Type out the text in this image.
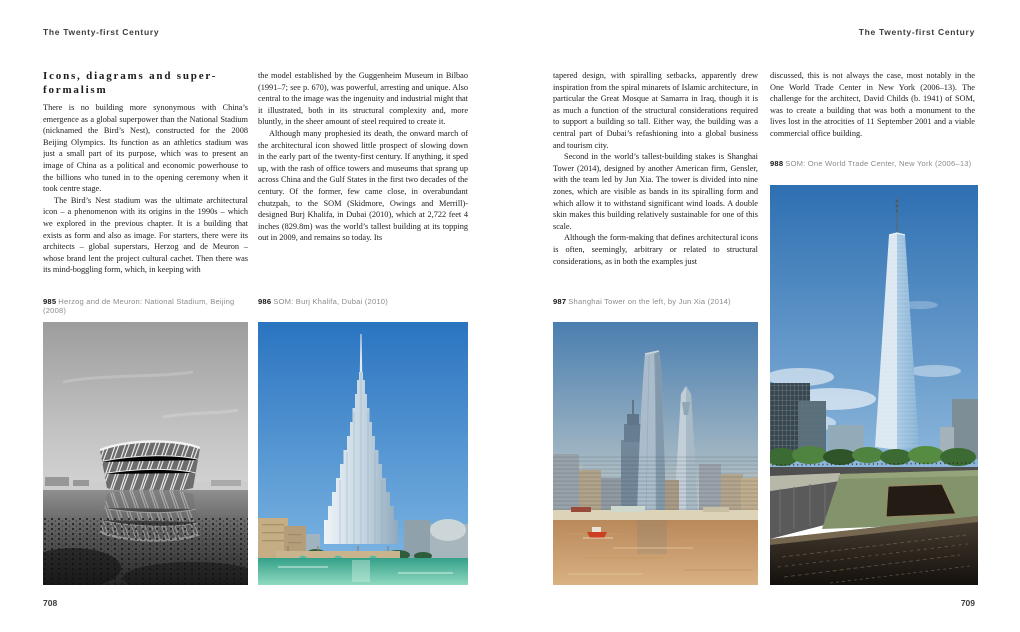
The Twenty-first Century	The Twenty-first Century
Icons, diagrams and super-
formalism

There is no building more synonymous with China’s emergence as a global superpower than the National Stadium (nicknamed the Bird’s Nest), constructed for the 2008 Beijing Olympics. Its function as an athletics stadium was just a small part of its purpose, which was to present an image of China as a political and economic powerhouse to the billions who tuned in to the opening ceremony when it took centre stage.

The Bird’s Nest stadium was the ultimate architectural icon – a phenomenon with its origins in the 1990s – which we explored in the previous chapter. It is a building that exists as form and also as image. For starters, there were its architects – global superstars, Herzog and de Meuron – whose brand lent the project cultural cachet. Then there was its mind-boggling form, which, in keeping with

the model established by the Guggenheim Museum in Bilbao (1991–7; see p. 670), was powerful, arresting and unique. Also central to the image was the ingenuity and industrial might that it illustrated, both in its structural complexity and, more bluntly, in the sheer amount of steel required to create it.

Although many prophesied its death, the onward march of the architectural icon showed little prospect of slowing down in the early part of the twenty-first century. If anything, it sped up, with the rash of office towers and museums that sprang up across China and the Gulf States in the first two decades of the century. Of the former, few came close, in overabundant chutzpah, to the SOM (Skidmore, Owings and Merrill)-designed Burj Khalifa, in Dubai (2010), which at 2,722 feet 4 inches (829.8m) was the world’s tallest building at its topping out in 2009, and remains so today. Its

985 Herzog and de Meuron: National Stadium, Beijing (2008)
986 SOM: Burj Khalifa, Dubai (2010)

tapered design, with spiralling setbacks, apparently drew inspiration from the spiral minarets of Islamic architecture, in particular the Great Mosque at Samarra in Iraq, though it is as much a function of the structural considerations required to support a building so tall. Either way, the building was a central part of Dubai’s refashioning into a global business and tourism city.

Second in the world’s tallest-building stakes is Shanghai Tower (2014), designed by another American firm, Gensler, with the team led by Jun Xia. The tower is divided into nine zones, which are visible as bands in its spiralling form and which allow it to withstand significant wind loads. A double skin makes this building relatively sustainable for one of this scale.

Although the form-making that defines architectural icons is often, seemingly, arbitrary or related to structural considerations, as in both the examples just

discussed, this is not always the case, most notably in the One World Trade Center in New York (2006–13). The challenge for the architect, David Childs (b. 1941) of SOM, was to create a building that was both a monument to the lives lost in the atrocities of 11 September 2001 and a viable commercial office building.

987 Shanghai Tower on the left, by Jun Xia (2014)
988 SOM: One World Trade Center, New York (2006–13)
708	709
